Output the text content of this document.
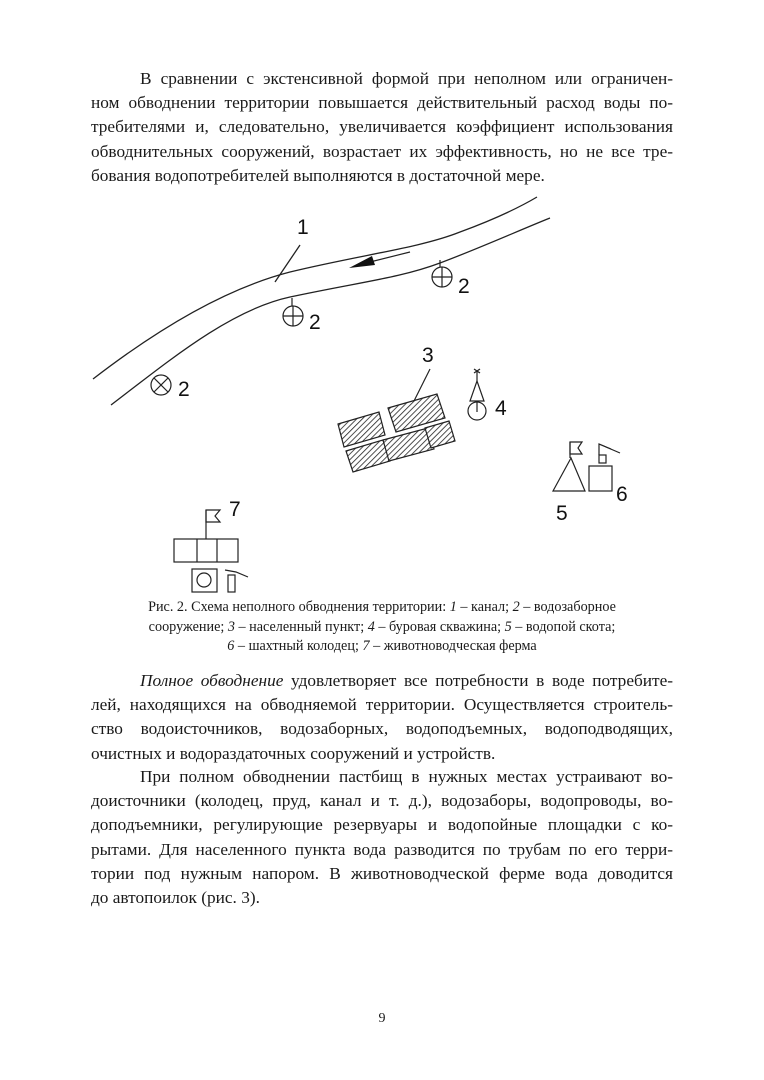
В сравнении с экстенсивной формой при неполном или ограничен-
ном обводнении территории повышается действительный расход воды по-
требителями и, следовательно, увеличивается коэффициент использования
обводнительных сооружений, возрастает их эффективность, но не все тре-
бования водопотребителей выполняются в достаточной мере.

1
2
2
2
3
4
5
6
7

Рис. 2. Схема неполного обводнения территории: 1 – канал; 2 – водозаборное
сооружение; 3 – населенный пункт; 4 – буровая скважина; 5 – водопой скота;
6 – шахтный колодец; 7 – животноводческая ферма

Полное обводнение удовлетворяет все потребности в воде потребите-
лей, находящихся на обводняемой территории. Осуществляется строитель-
ство водоисточников, водозаборных, водоподъемных, водоподводящих,
очистных и водораздаточных сооружений и устройств.

При полном обводнении пастбищ в нужных местах устраивают во-
доисточники (колодец, пруд, канал и т. д.), водозаборы, водопроводы, во-
доподъемники, регулирующие резервуары и водопойные площадки с ко-
рытами. Для населенного пункта вода разводится по трубам по его терри-
тории под нужным напором. В животноводческой ферме вода доводится
до автопоилок (рис. 3).

9
